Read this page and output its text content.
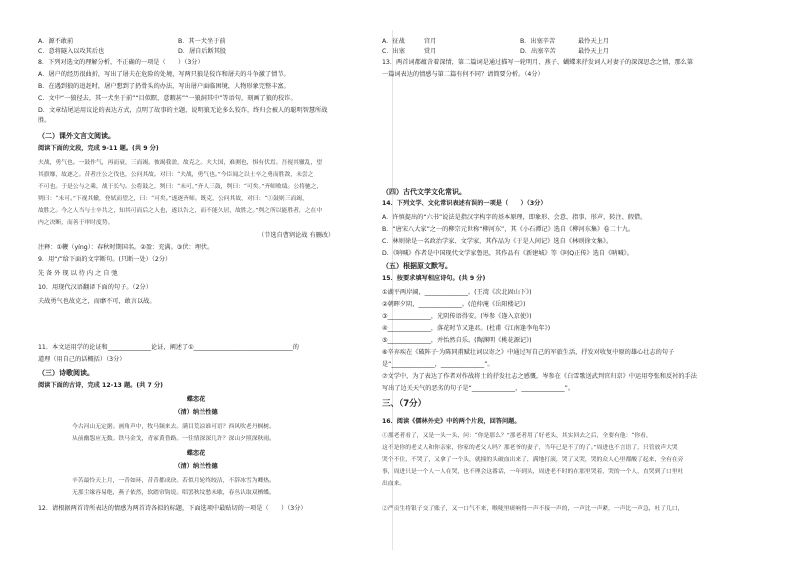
A．源不敢前	B．其一犬坐于前
C．意将隧入以攻其后也	D．屠自后断其股
8．下列对选文的理解分析，不正确的一项是（　　）（3分）
A．屠户的经历很曲折，写出了屠夫在危险的处境，写两只狼是狡诈和屠夫的斗争激了情节。
B．在遇到狼的追赶时，屠户想到了扔骨头的办法，写出屠户面临困境，人物形象完整丰富。
C．文中“一狼径去，其一犬坐于前”“目似瞑，意暇甚”“一狼洞其中”等语句，刻画了狼的狡诈。
D．文章结尾运用议论的表达方式，点明了故事的主题，说明狼无论多么狡诈，终归会被人的聪明智慧所战
胜。
（二）课外文言文阅读。
阅读下面的文段，完成 9-11 题。(共 9 分)
夫战，勇气也。一鼓作气，再而衰，三而竭。彼竭我盈，故克之。夫大国，难测也，惧有伏焉。吾视其辙乱，望
其旗靡，故逐之。昔者庄公之伐也，公问其故。对曰：“夫战，勇气也。”今臣闻之以士卒之勇而胜敌，未尝之
不可也。于是公与之乘，战于长勺。公将鼓之，刿曰：“未可。”齐人三鼓，刿曰：“可矣。”齐师败绩。公将驰之，
刿曰：“未可。”下视其辙，登轼而望之，曰：“可矣。”遂逐齐师。既克，公问其故，对曰：“①鼓则三而竭，
故胜之。今之人当与士卒共之，知其可而后之人也，遂以告之，而不能久居，故胜之。”刿之所以能胜者，之在中
内之决断，而善于审时度势。
（节选自曹刿论战 有删改）
注释：①鞭（yíng）：春秋时期国名。②盈：充满。③伏：埋伏。
9．用“/”给下面的文字断句。(只断一处）（2分）
先 备 外 现 以 待 内 之 自 弛
10．用现代汉语翻译下面的句子。（2分）
夫战勇气也故克之，而靡不可，敢言以战。
11．本文运用学的论证和______________论证，阐述了①________________________________的
道理（用自己的话概括）（3分）
（三）诗歌阅读。
阅读下面的古诗，完成 12-13 题。(共 7 分)
蝶恋花
（清）纳兰性德
今古河山无定据。画角声中，牧马频来去。满目荒凉谁可语？西风吹老丹枫树。
从前幽怨应无数。铁马金戈，青冢黄昏路。一往情深深几许？深山夕照深秋雨。
蝶恋花
（清）纳兰性德
辛苦最怜天上月，一昔如环，昔昔都成玦。若似月轮终皎洁，不辞冰雪为卿热。
无那尘缘容易绝，燕子依然，软踏帘钩说。唱罢秋坟愁未歇，春丛认取双栖蝶。
12．请根据两首诗所表达的情感为两首诗各拟的标题，下面选项中最贴切的一项是（　　）（3分）
A．征战	宫月	B．出塞辛苦	最怜天上月
C．出塞	赏月	D．出塞辛苦	最怜天上月
13．两首词都蕴含着深情，第二篇词是通过描写一轮明月、燕子、蝴蝶来抒发词人对妻子的深深思念之情，那么第
一篇词表达的情感与第二篇有何不同？请简要分析。（4分）
（四）古代文学文化常识。
14．下列文学、文化常识表述有误的一项是（　　）（3分）
A．许慎提出的“六书”说法是指汉字构字的基本原理，即象形、会意、指事、形声、转注、假借。
B．“唐宋八大家”之一的柳宗元世称“柳河东”，其《小石潭记》选自《柳河东集》卷二十九。
C．林则徐是一名政治学家、文学家，其作品为《于是人间记》选自《林则徐文集》。
D．《呐喊》作者是中国现代文学家鲁迅，其作品有《新建城》等《阿Q正传》选自《呐喊》。
（五）根据原文默写。
15．按要求填写相应诗句。(共 9 分)
①湖平两岸阔，______________。(王湾《次北固山下》)
②朝晖夕阴，______________。(范仲淹《岳阳楼记》)
③______________，光阴传语得安。(岑参《逢入京使》)
④______________，落花时节又逢君。(杜甫《江南逢李龟年》)
⑤______________，并怡然自乐。(陶渊明《桃花源记》)
⑥辛弃疾在《破阵子·为陈同甫赋壮词以寄之》中通过写自己的军旅生活，抒发对收复中原的雄心壮志的句子
是“______________，______________”。
⑦文学中，为了表达了作者对作战将士的抒发壮志之感慨，岑参在《白雪歌送武判官归京》中运用夸张和反衬的手法
写出了边关天气的恶劣的句子是“______________，______________”。
三、（7分）
16．阅读《儒林外史》中的两个片段，回答问题。
①那老者看了，又是一头一头，问：“你是那么？”那老者用了好老头，其实回去之后，全要有他：“你看，
这不是你的老丈人和你亲家，你家的老父人吗？那老爷的妻子，当年已是不了的了。”周进也不言语了，只管放声大哭
哭个不住，不哭了，又拿了一个头，就撞的头破血出来了，满地打滚，哭了又哭，哭的众人心里都酸了起来，全有在旁
事，周进只是一个人一人在哭，也不理会这番话，一年到头，周进老不时的在那里哭着，哭的一个人，直哭到了口里吐
出血来。
②严贡生将银子交了账子，又一口气不来，喉咙里痰响得一声不接一声的，一声比一声紧，一声比一声急，吐了几口，
